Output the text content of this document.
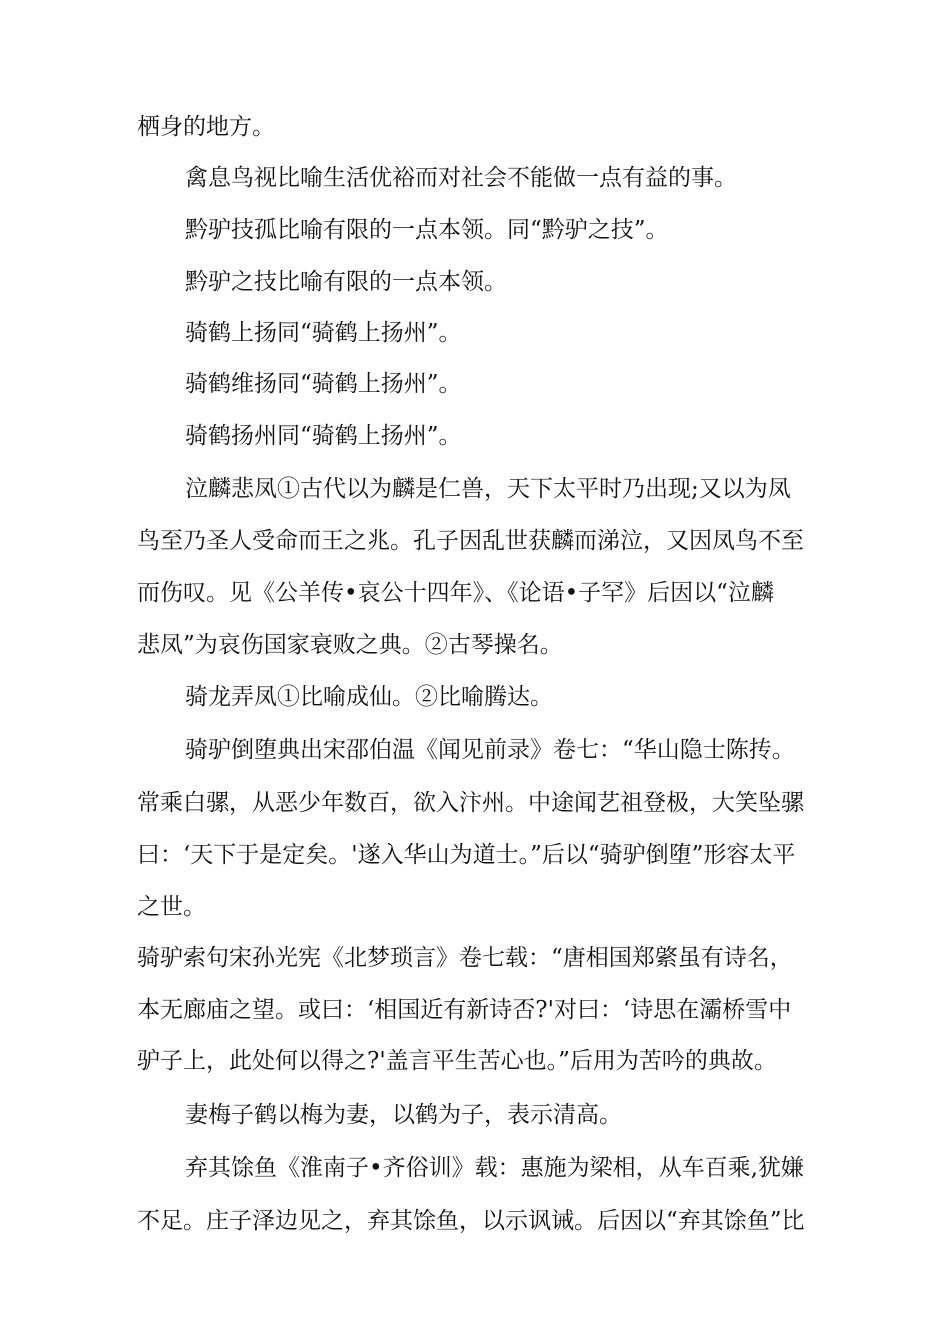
栖身的地方。
禽息鸟视比喻生活优裕而对社会不能做一点有益的事。
黔驴技孤比喻有限的一点本领。同“黔驴之技”。
黔驴之技比喻有限的一点本领。
骑鹤上扬同“骑鹤上扬州”。
骑鹤维扬同“骑鹤上扬州”。
骑鹤扬州同“骑鹤上扬州”。
泣麟悲凤①古代以为麟是仁兽，天下太平时乃出现;又以为凤
鸟至乃圣人受命而王之兆。孔子因乱世获麟而涕泣，又因凤鸟不至
而伤叹。见《公羊传•哀公十四年》、《论语•子罕》后因以“泣麟
悲凤”为哀伤国家衰败之典。②古琴操名。
骑龙弄凤①比喻成仙。②比喻腾达。
骑驴倒堕典出宋邵伯温《闻见前录》卷七：“华山隐士陈抟。
常乘白骡，从恶少年数百，欲入汴州。中途闻艺祖登极，大笑坠骡
曰：‘天下于是定矣。'遂入华山为道士。”后以“骑驴倒堕”形容太平
之世。
骑驴索句宋孙光宪《北梦琐言》卷七载：“唐相国郑綮虽有诗名，
本无廊庙之望。或曰：‘相国近有新诗否?'对曰：‘诗思在灞桥雪中
驴子上，此处何以得之?'盖言平生苦心也。”后用为苦吟的典故。
妻梅子鹤以梅为妻，以鹤为子，表示清高。
弃其馀鱼《淮南子•齐俗训》载：惠施为梁相，从车百乘,犹嫌
不足。庄子泽边见之，弃其馀鱼，以示讽诫。后因以“弃其馀鱼”比
